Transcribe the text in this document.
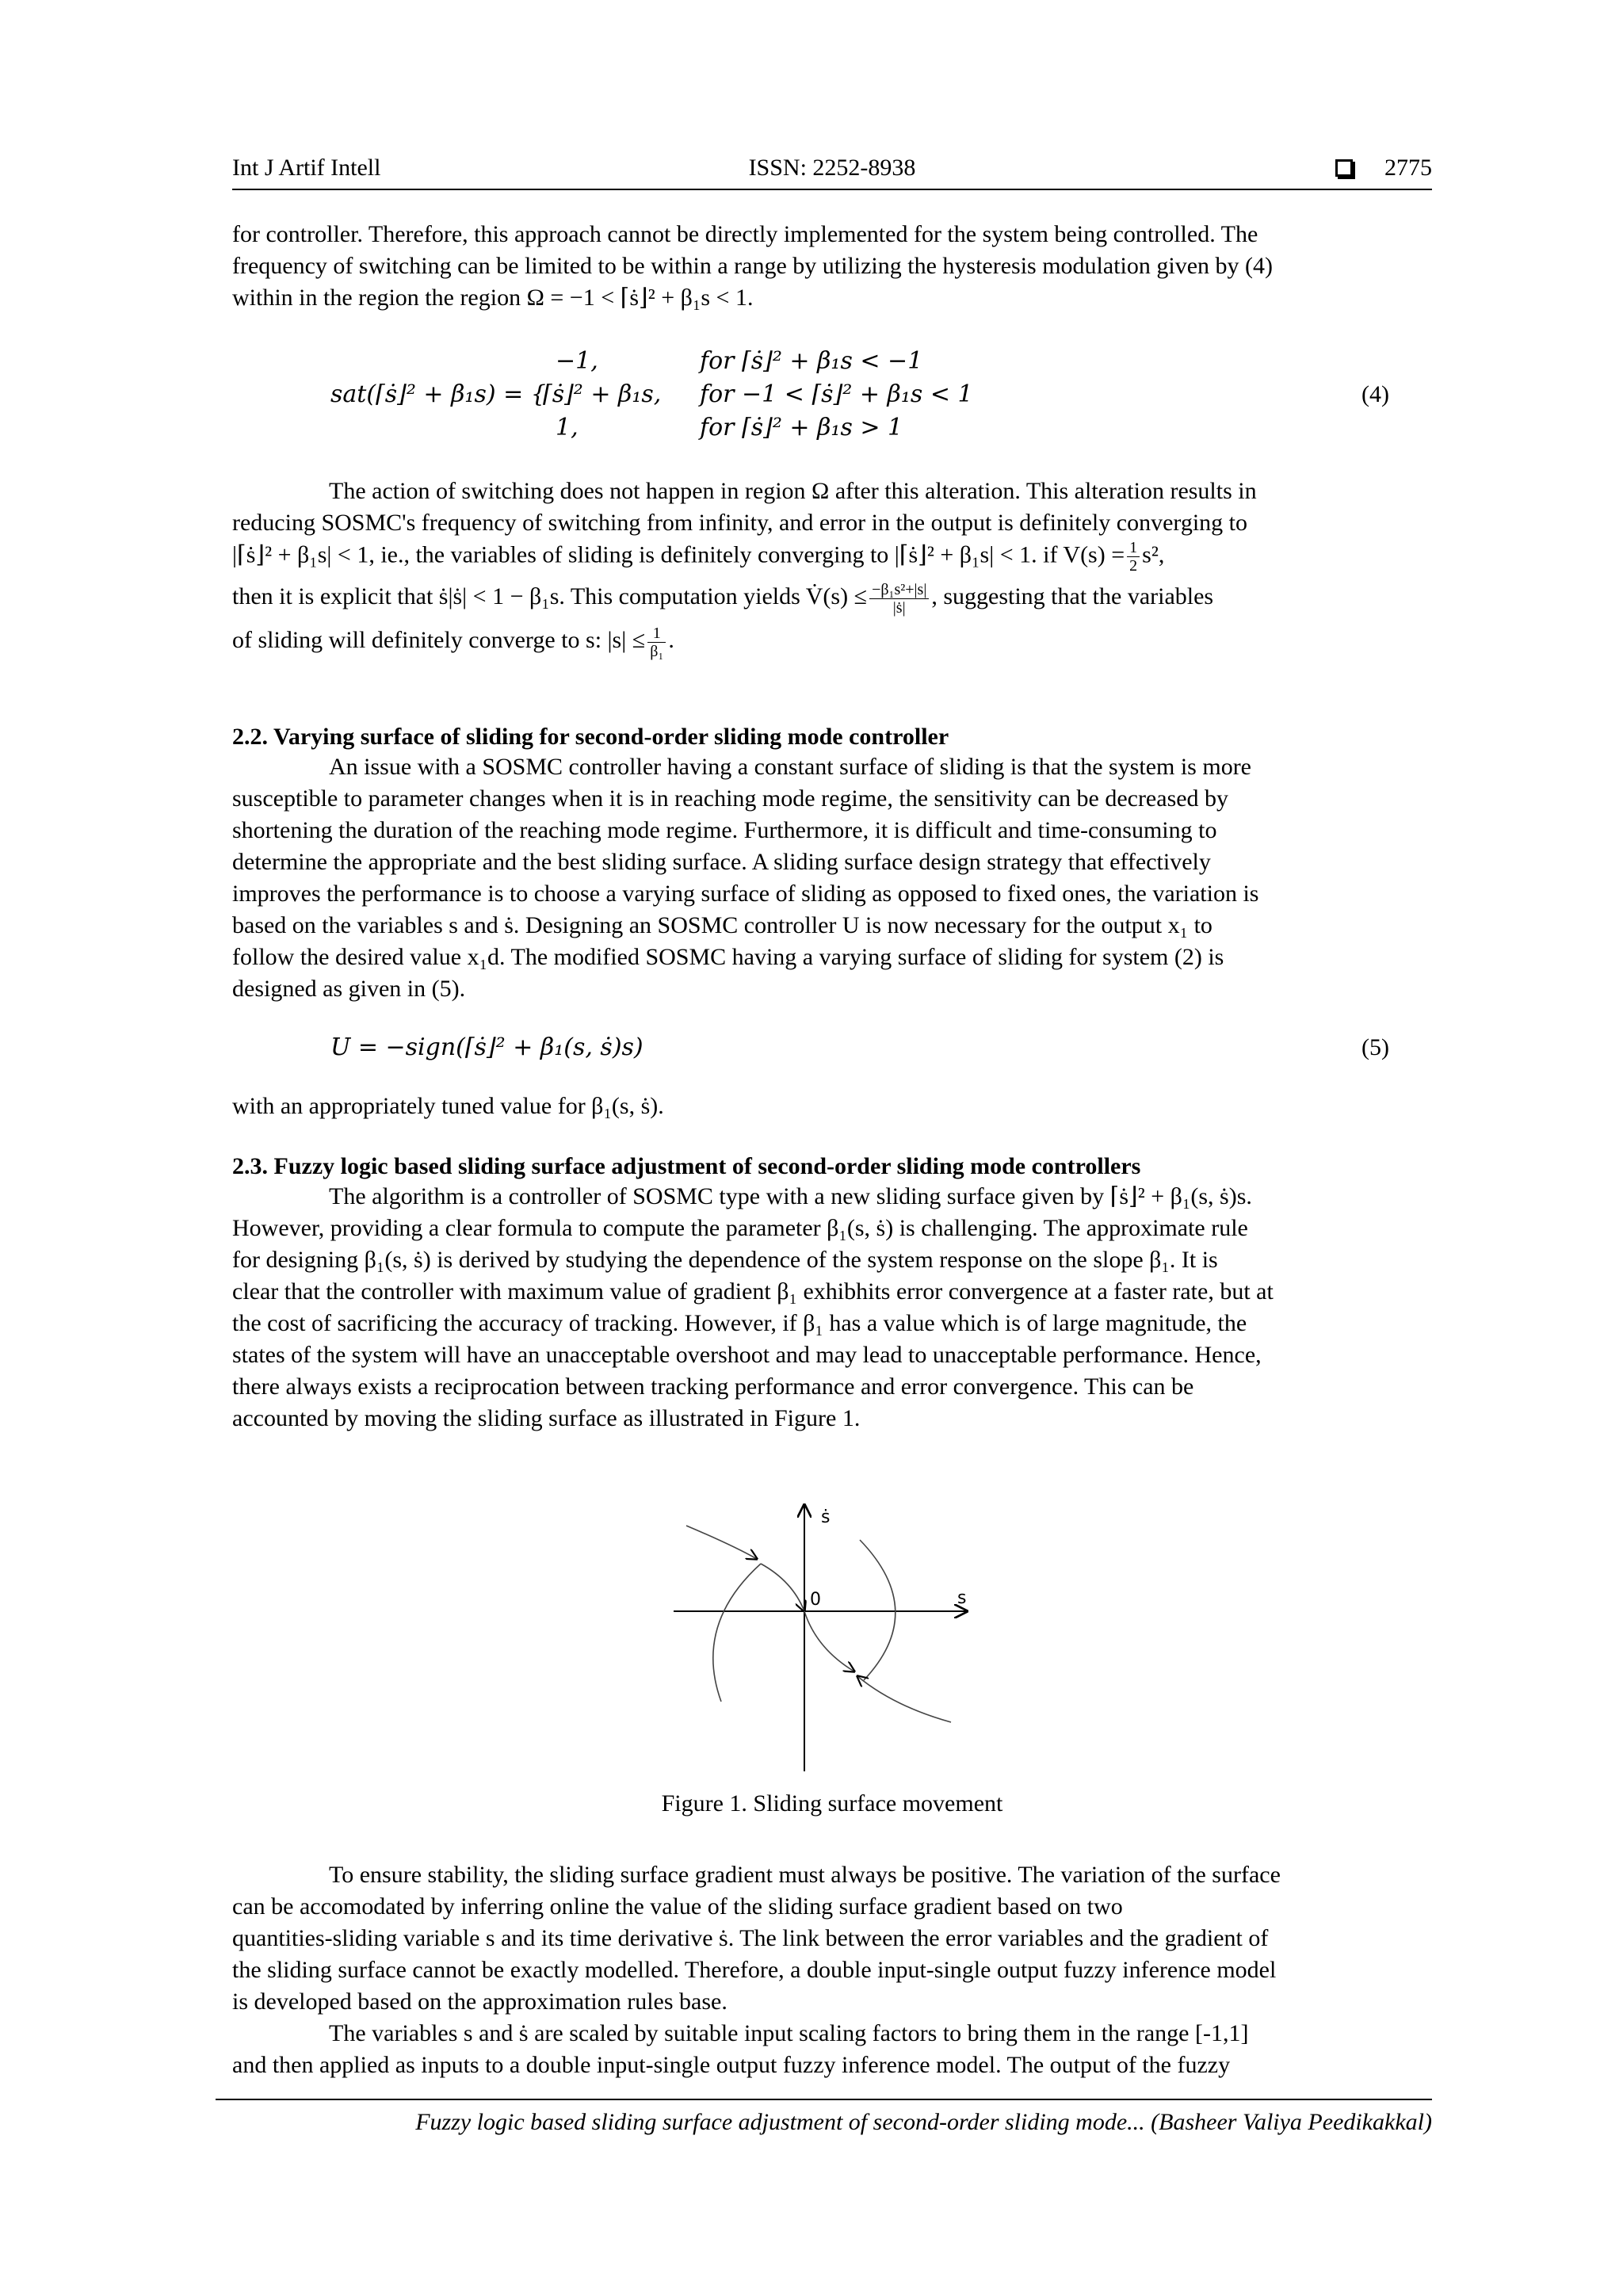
Int J Artif Intell	ISSN: 2252-8938	2775
for controller. Therefore, this approach cannot be directly implemented for the system being controlled. The
frequency of switching can be limited to be within a range by utilizing the hysteresis modulation given by (4)
within in the region the region Ω = −1 < ⌈ṡ⌋² + β₁s < 1.
−1,	for ⌈ṡ⌋² + β₁s < −1
sat(⌈ṡ⌋² + β₁s) = {
⌈ṡ⌋² + β₁s, for −1 < ⌈ṡ⌋² + β₁s < 1	(4)
1,	for ⌈ṡ⌋² + β₁s > 1
The action of switching does not happen in region Ω after this alteration. This alteration results in
reducing SOSMC's frequency of switching from infinity, and error in the output is definitely converging to
|⌈ṡ⌋² + β₁s| < 1, ie., the variables of sliding is definitely converging to |⌈ṡ⌋² + β₁s| < 1. if $V(s) = \frac{1}{2} s^2$,
then it is explicit that ṡ|ṡ| < 1 − β₁s. This computation yields V̇(s) ≤ $\frac{\text{−β₁s²+|s|}}{\text{|ṡ|}}$ , suggesting that the variables
of sliding will definitely converge to s: $|s| \le \frac{1}{\text{β₁}}$ .
2.2. Varying surface of sliding for second-order sliding mode controller
An issue with a SOSMC controller having a constant surface of sliding is that the system is more
susceptible to parameter changes when it is in reaching mode regime, the sensitivity can be decreased by
shortening the duration of the reaching mode regime. Furthermore, it is difficult and time-consuming to
determine the appropriate and the best sliding surface. A sliding surface design strategy that effectively
improves the performance is to choose a varying surface of sliding as opposed to fixed ones, the variation is
based on the variables s and ṡ. Designing an SOSMC controller U is now necessary for the output x₁ to
follow the desired value x₁d. The modified SOSMC having a varying surface of sliding for system (2) is
designed as given in (5).
U = −sign(⌈ṡ⌋² + β₁(s, ṡ)s)	(5)
with an appropriately tuned value for β₁(s, ṡ).
2.3. Fuzzy logic based sliding surface adjustment of second-order sliding mode controllers
The algorithm is a controller of SOSMC type with a new sliding surface given by ⌈ṡ⌋² + β₁(s, ṡ)s.
However, providing a clear formula to compute the parameter β₁(s, ṡ) is challenging. The approximate rule
for designing β₁(s, ṡ) is derived by studying the dependence of the system response on the slope β₁. It is
clear that the controller with maximum value of gradient β₁ exhibhits error convergence at a faster rate, but at
the cost of sacrificing the accuracy of tracking. However, if β₁ has a value which is of large magnitude, the
states of the system will have an unacceptable overshoot and may lead to unacceptable performance. Hence,
there always exists a reciprocation between tracking performance and error convergence. This can be
accounted by moving the sliding surface as illustrated in Figure 1.
ṡ
s
0
Figure 1. Sliding surface movement
To ensure stability, the sliding surface gradient must always be positive. The variation of the surface
can be accomodated by inferring online the value of the sliding surface gradient based on two
quantities-sliding variable s and its time derivative ṡ. The link between the error variables and the gradient of
the sliding surface cannot be exactly modelled. Therefore, a double input-single output fuzzy inference model
is developed based on the approximation rules base.
The variables s and ṡ are scaled by suitable input scaling factors to bring them in the range [-1,1]
and then applied as inputs to a double input-single output fuzzy inference model. The output of the fuzzy
Fuzzy logic based sliding surface adjustment of second-order sliding mode... (Basheer Valiya Peedikakkal)
